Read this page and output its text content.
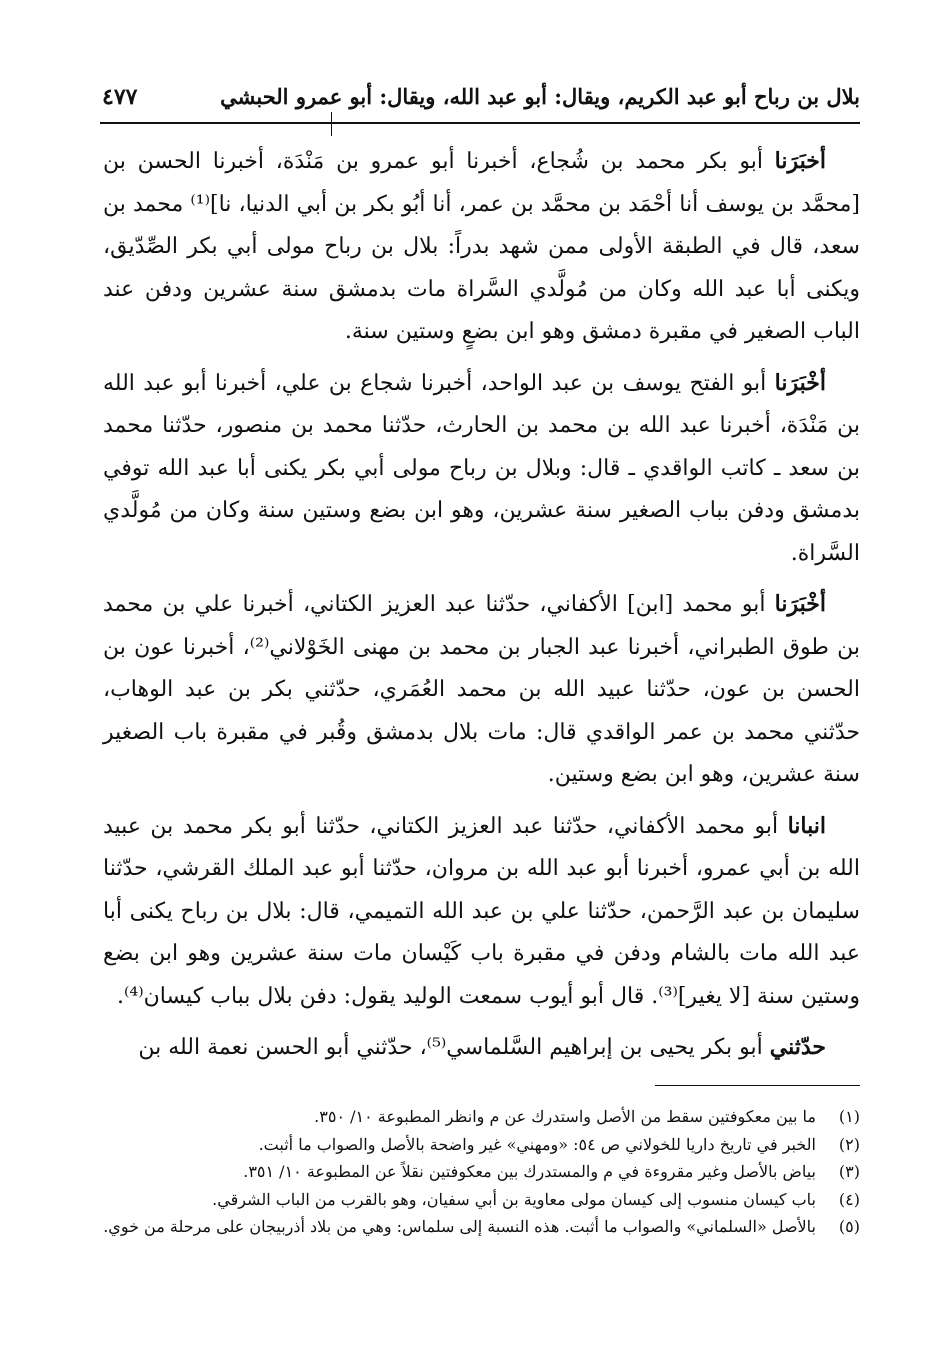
بلال بن رباح أبو عبد الكريم، ويقال: أبو عبد الله، ويقال: أبو عمرو الحبشي
٤٧٧

أخبَرَنا أبو بكر محمد بن شُجاع، أخبرنا أبو عمرو بن مَنْدَة، أخبرنا الحسن بن [محمَّد بن يوسف أنا أحْمَد بن محمَّد بن عمر، أنا أبُو بكر بن أبي الدنيا، نا]⁽¹⁾ محمد بن سعد، قال في الطبقة الأولى ممن شهد بدراً: بلال بن رباح مولى أبي بكر الصِّدّيق، ويكنى أبا عبد الله وكان من مُولَّدي السَّراة مات بدمشق سنة عشرين ودفن عند الباب الصغير في مقبرة دمشق وهو ابن بضعٍ وستين سنة.

أخْبَرَنا أبو الفتح يوسف بن عبد الواحد، أخبرنا شجاع بن علي، أخبرنا أبو عبد الله بن مَنْدَة، أخبرنا عبد الله بن محمد بن الحارث، حدّثنا محمد بن منصور، حدّثنا محمد بن سعد ـ كاتب الواقدي ـ قال: وبلال بن رباح مولى أبي بكر يكنى أبا عبد الله توفي بدمشق ودفن بباب الصغير سنة عشرين، وهو ابن بضع وستين سنة وكان من مُولَّدي السَّراة.

أخْبَرَنا أبو محمد [ابن] الأكفاني، حدّثنا عبد العزيز الكتاني، أخبرنا علي بن محمد بن طوق الطبراني، أخبرنا عبد الجبار بن محمد بن مهنى الخَوْلاني⁽²⁾، أخبرنا عون بن الحسن بن عون، حدّثنا عبيد الله بن محمد العُمَري، حدّثني بكر بن عبد الوهاب، حدّثني محمد بن عمر الواقدي قال: مات بلال بدمشق وقُبر في مقبرة باب الصغير سنة عشرين، وهو ابن بضع وستين.

انبانا أبو محمد الأكفاني، حدّثنا عبد العزيز الكتاني، حدّثنا أبو بكر محمد بن عبيد الله بن أبي عمرو، أخبرنا أبو عبد الله بن مروان، حدّثنا أبو عبد الملك القرشي، حدّثنا سليمان بن عبد الرَّحمن، حدّثنا علي بن عبد الله التميمي، قال: بلال بن رباح يكنى أبا عبد الله مات بالشام ودفن في مقبرة باب كَيْسان مات سنة عشرين وهو ابن بضع وستين سنة [لا يغير]⁽³⁾. قال أبو أيوب سمعت الوليد يقول: دفن بلال بباب كيسان⁽⁴⁾.

حدّثني أبو بكر يحيى بن إبراهيم السَّلماسي⁽⁵⁾، حدّثني أبو الحسن نعمة الله بن

(١)
ما بين معكوفتين سقط من الأصل واستدرك عن م وانظر المطبوعة ١٠/ ٣٥٠.
(٢)
الخبر في تاريخ داريا للخولاني ص ٥٤: «ومهني» غير واضحة بالأصل والصواب ما أثبت.
(٣)
بياض بالأصل وغير مقروءة في م والمستدرك بين معكوفتين نقلاً عن المطبوعة ١٠/ ٣٥١.
(٤)
باب كيسان منسوب إلى كيسان مولى معاوية بن أبي سفيان، وهو بالقرب من الباب الشرقي.
(٥)
بالأصل «السلماني» والصواب ما أثبت. هذه النسبة إلى سلماس: وهي من بلاد أذربيجان على مرحلة من خوي.
